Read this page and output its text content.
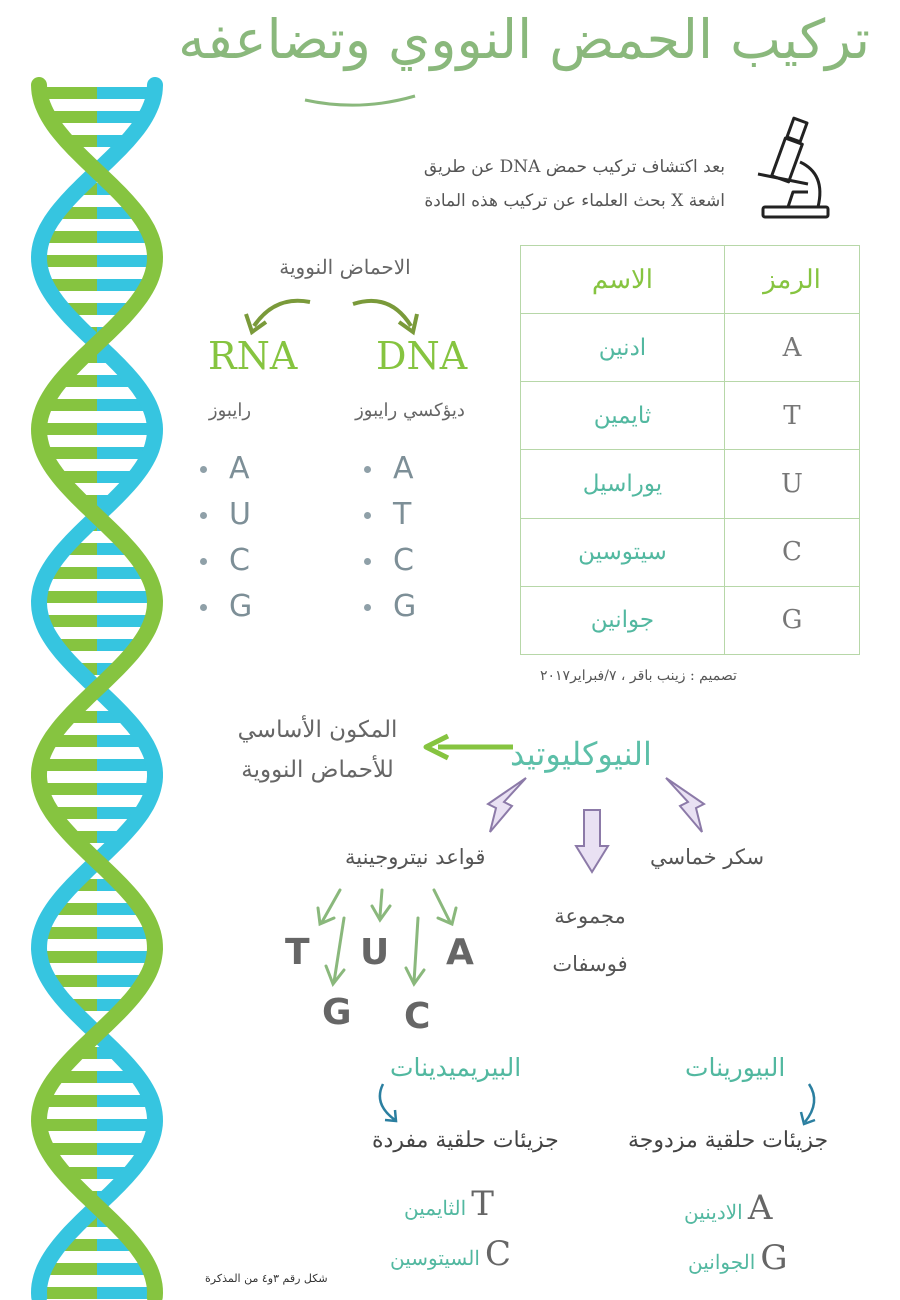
تركيب الحمض النووي وتضاعفه
بعد اكتشاف تركيب حمض DNA عن طريق
اشعة X بحث العلماء عن تركيب هذه المادة
الاحماض النووية
RNA DNA
رايبوز	ديؤكسي رايبوز
A
U
C
G
A
T
C
G
الاسم	الرمز
ادنين	A
ثايمين	T
يوراسيل	U
سيتوسين	C
جوانين	G
تصميم : زينب باقر ، ٧/فبراير٢٠١٧
النيوكليوتيد
المكون الأساسي
للأحماض النووية
سكر خماسي
مجموعة
فوسفات
قواعد نيتروجينية
T U A
G C
البيورينات
البيريميدينات
جزيئات حلقية مزدوجة
جزيئات حلقية مفردة
الادينين A
الجوانين G
الثايمين T
السيتوسين C
شكل رقم ٣و٤ من المذكرة
